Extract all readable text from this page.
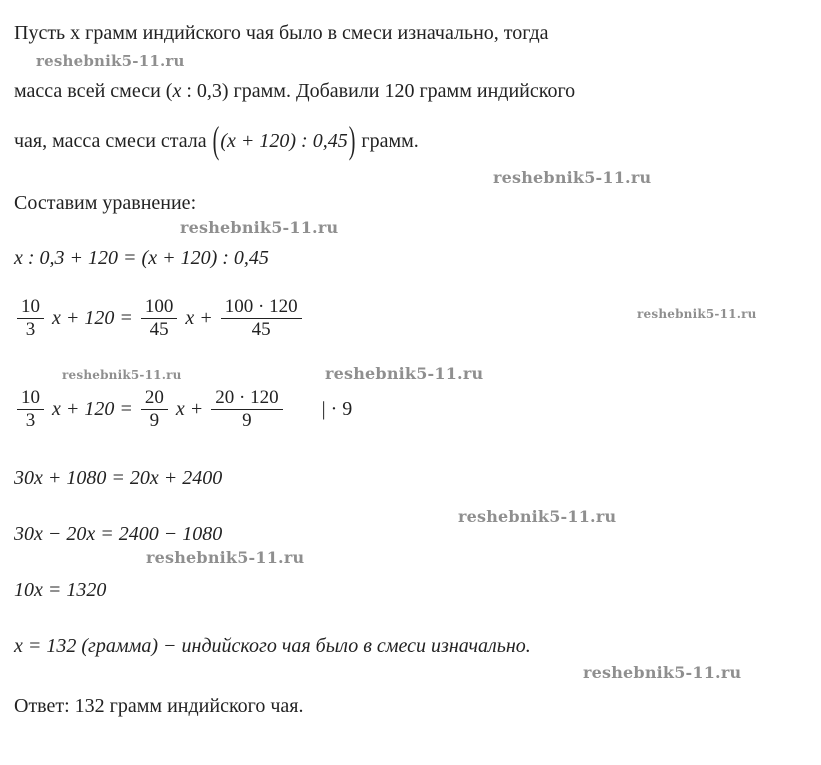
Пусть x грамм индийского чая было в смеси изначально, тогда
reshebnik5-11.ru
масса всей смеси (x : 0,3) грамм. Добавили 120 грамм индийского
чая, масса смеси стала ((x + 120) : 0,45) грамм.
reshebnik5-11.ru
Составим уравнение:
reshebnik5-11.ru
x : 0,3 + 120 = (x + 120) : 0,45
$\frac{10}{3}$ $x + 120 = \frac{100}{45}$ $x + \frac{100 \cdot 120}{45}$	reshebnik5-11.ru
reshebnik5-11.ru
reshebnik5-11.ru
$\frac{10}{3}$ $x + 120 = \frac{20}{9}$ $x + \frac{20 \cdot 120}{9}$ | · 9
30x + 1080 = 20x + 2400
reshebnik5-11.ru
30x − 20x = 2400 − 1080
reshebnik5-11.ru
10x = 1320
x = 132 (грамма) − индийского чая было в смеси изначально.
reshebnik5-11.ru
Ответ: 132 грамм индийского чая.
